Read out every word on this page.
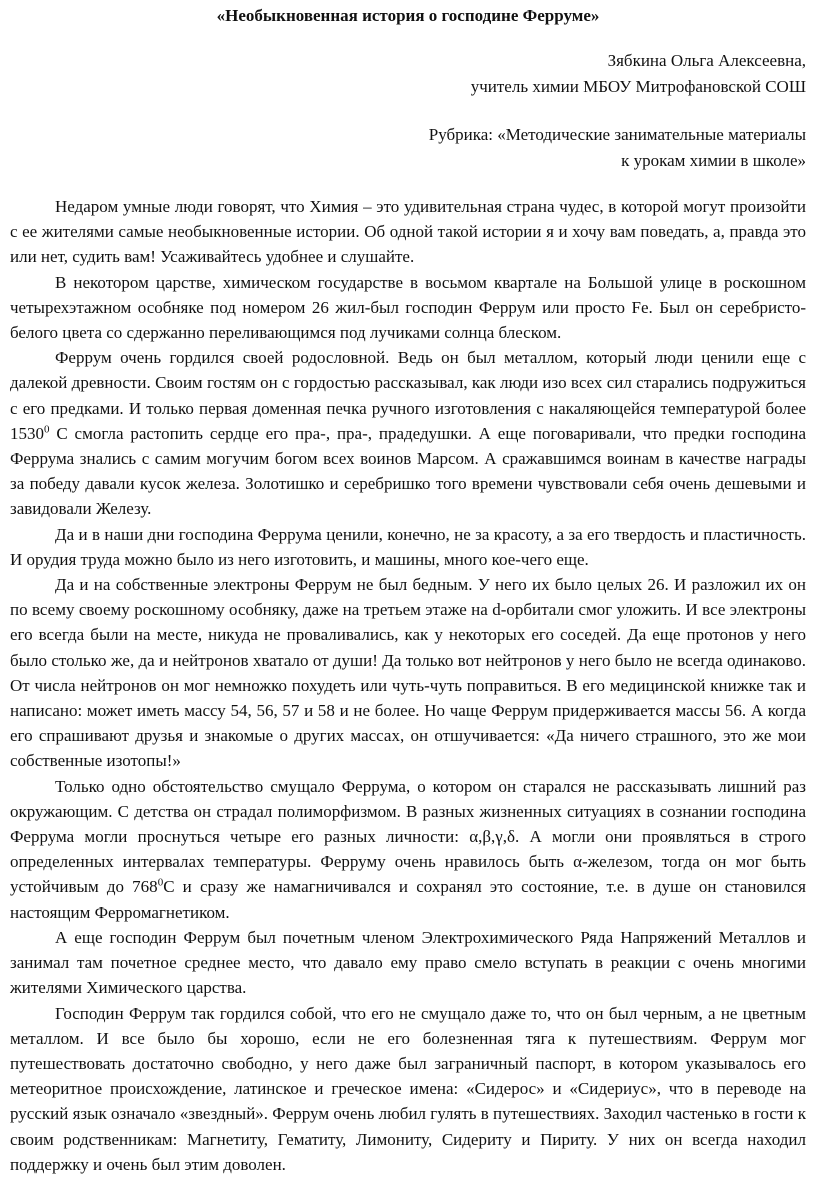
«Необыкновенная история о господине Феррумe»
Зябкина Ольга Алексеевна,
учитель химии МБОУ Митрофановской СОШ
Рубрика: «Методические занимательные материалы
к урокам химии в школе»

Недаром умные люди говорят, что Химия – это удивительная страна чудес, в которой могут произойти с ее жителями самые необыкновенные истории. Об одной такой истории я и хочу вам поведать, а, правда это или нет, судить вам! Усаживайтесь удобнее и слушайте.

В некотором царстве, химическом государстве в восьмом квартале на Большой улице в роскошном четырехэтажном особняке под номером 26 жил-был господин Феррум или просто Fe. Был он серебристо-белого цвета со сдержанно переливающимся под лучиками солнца блеском.

Феррум очень гордился своей родословной. Ведь он был металлом, который люди ценили еще с далекой древности. Своим гостям он с гордостью рассказывал, как люди изо всех сил старались подружиться с его предками. И только первая доменная печка ручного изготовления с накаляющейся температурой более 1530$^0$ С смогла растопить сердце его пра-, пра-, прадедушки. А еще поговаривали, что предки господина Феррума знались с самим могучим богом всех воинов Марсом. А сражавшимся воинам в качестве награды за победу давали кусок железа. Золотишко и серебришко того времени чувствовали себя очень дешевыми и завидовали Железу.

Да и в наши дни господина Феррума ценили, конечно, не за красоту, а за его твердость и пластичность. И орудия труда можно было из него изготовить, и машины, много кое-чего еще.

Да и на собственные электроны Феррум не был бедным. У него их было целых 26. И разложил их он по всему своему роскошному особняку, даже на третьем этаже на d-орбитали смог уложить. И все электроны его всегда были на месте, никуда не проваливались, как у некоторых его соседей. Да еще протонов у него было столько же, да и нейтронов хватало от души! Да только вот нейтронов у него было не всегда одинаково. От числа нейтронов он мог немножко похудеть или чуть-чуть поправиться. В его медицинской книжке так и написано: может иметь массу 54, 56, 57 и 58 и не более. Но чаще Феррум придерживается массы 56. А когда его спрашивают друзья и знакомые о других массах, он отшучивается: «Да ничего страшного, это же мои собственные изотопы!»

Только одно обстоятельство смущало Феррума, о котором он старался не рассказывать лишний раз окружающим. С детства он страдал полиморфизмом. В разных жизненных ситуациях в сознании господина Феррума могли проснуться четыре его разных личности: α,β,γ,δ. А могли они проявляться в строго определенных интервалах температуры. Ферруму очень нравилось быть α-железом, тогда он мог быть устойчивым до $768^0С$ и сразу же намагничивался и сохранял это состояние, т.е. в душе он становился настоящим Ферромагнетиком.

А еще господин Феррум был почетным членом Электрохимического Ряда Напряжений Металлов и занимал там почетное среднее место, что давало ему право смело вступать в реакции с очень многими жителями Химического царства.

Господин Феррум так гордился собой, что его не смущало даже то, что он был черным, а не цветным металлом. И все было бы хорошо, если не его болезненная тяга к путешествиям. Феррум мог путешествовать достаточно свободно, у него даже был заграничный паспорт, в котором указывалось его метеоритное происхождение, латинское и греческое имена: «Сидерос» и «Сидериус», что в переводе на русский язык означало «звездный». Феррум очень любил гулять в путешествиях. Заходил частенько в гости к своим родственникам: Магнетиту, Гематиту, Лимониту, Сидериту и Пириту. У них он всегда находил поддержку и очень был этим доволен.
